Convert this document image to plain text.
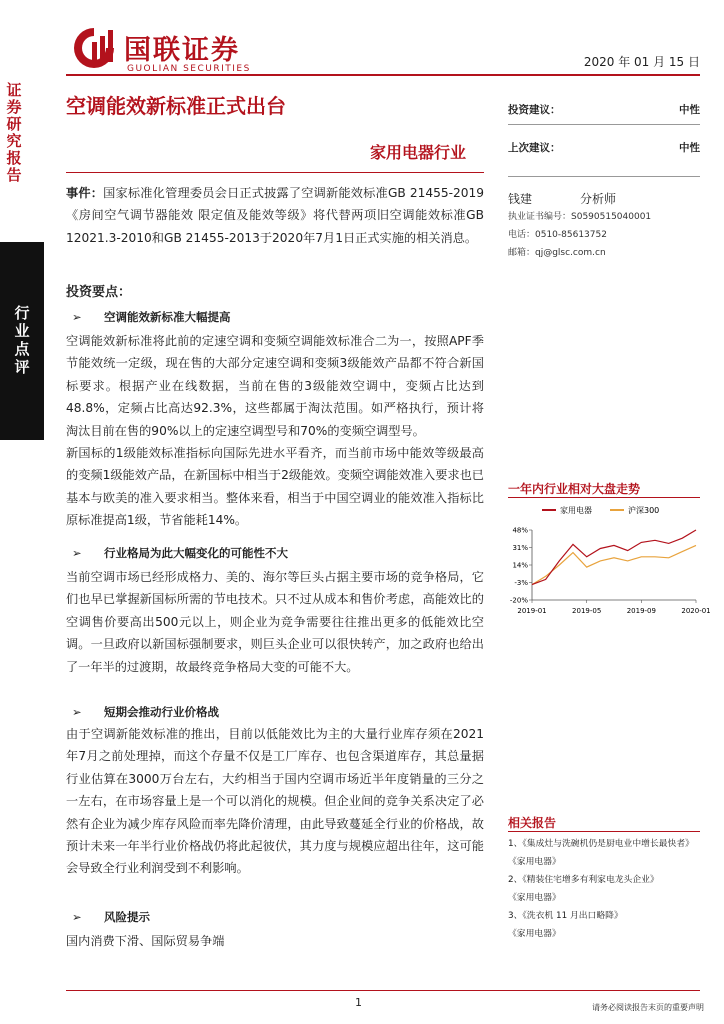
国联证券
GUOLIAN SECURITIES	2020 年 01 月 15 日
证券研究报告
行业点评
空调能效新标准正式出台
家用电器行业
投资建议：	中性
上次建议：	中性
钱建	分析师
执业证书编号：S0590515040001
电话：0510-85613752
邮箱：qj@glsc.com.cn
事件：国家标准化管理委员会日正式披露了空调新能效标准GB 21455-2019《房间空气调节器能效 限定值及能效等级》将代替两项旧空调能效标准GB 12021.3-2010和GB 21455-2013于2020年7月1日正式实施的相关消息。
投资要点：
➢ 空调能效新标准大幅提高
空调能效新标准将此前的定速空调和变频空调能效标准合二为一，按照APF季节能效统一定级，现在售的大部分定速空调和变频3级能效产品都不符合新国标要求。根据产业在线数据，当前在售的3级能效空调中，变频占比达到48.8%，定频占比高达92.3%，这些都属于淘汰范围。如严格执行，预计将淘汰目前在售的90%以上的定速空调型号和70%的变频空调型号。
新国标的1级能效标准指标向国际先进水平看齐，而当前市场中能效等级最高的变频1级能效产品，在新国标中相当于2级能效。变频空调能效准入要求也已基本与欧美的准入要求相当。整体来看，相当于中国空调业的能效准入指标比原标准提高1级，节省能耗14%。
➢ 行业格局为此大幅变化的可能性不大
当前空调市场已经形成格力、美的、海尔等巨头占据主要市场的竞争格局，它们也早已掌握新国标所需的节电技术。只不过从成本和售价考虑，高能效比的空调售价要高出500元以上，则企业为竞争需要往往推出更多的低能效比空调。一旦政府以新国标强制要求，则巨头企业可以很快转产，加之政府也给出了一年半的过渡期，故最终竞争格局大变的可能不大。
➢ 短期会推动行业价格战
由于空调新能效标准的推出，目前以低能效比为主的大量行业库存须在2021年7月之前处理掉，而这个存量不仅是工厂库存、也包含渠道库存，其总量据行业估算在3000万台左右，大约相当于国内空调市场近半年度销量的三分之一左右，在市场容量上是一个可以消化的规模。但企业间的竞争关系决定了必然有企业为减少库存风险而率先降价清理，由此导致蔓延全行业的价格战，故预计未来一年半行业价格战仍将此起彼伏，其力度与规模应超出往年，这可能会导致全行业利润受到不利影响。
➢ 风险提示
国内消费下滑、国际贸易争端
一年内行业相对大盘走势
家用电器	沪深300
48%
31%
14%
-3%
-20%
2019-01	2019-05	2019-09	2020-01
相关报告
1、《集成灶与洗碗机仍是厨电业中增长最快者》
《家用电器》
2、《精装住宅增多有利家电龙头企业》
《家用电器》
3、《洗衣机 11 月出口略降》
《家用电器》
1	请务必阅读报告末页的重要声明
